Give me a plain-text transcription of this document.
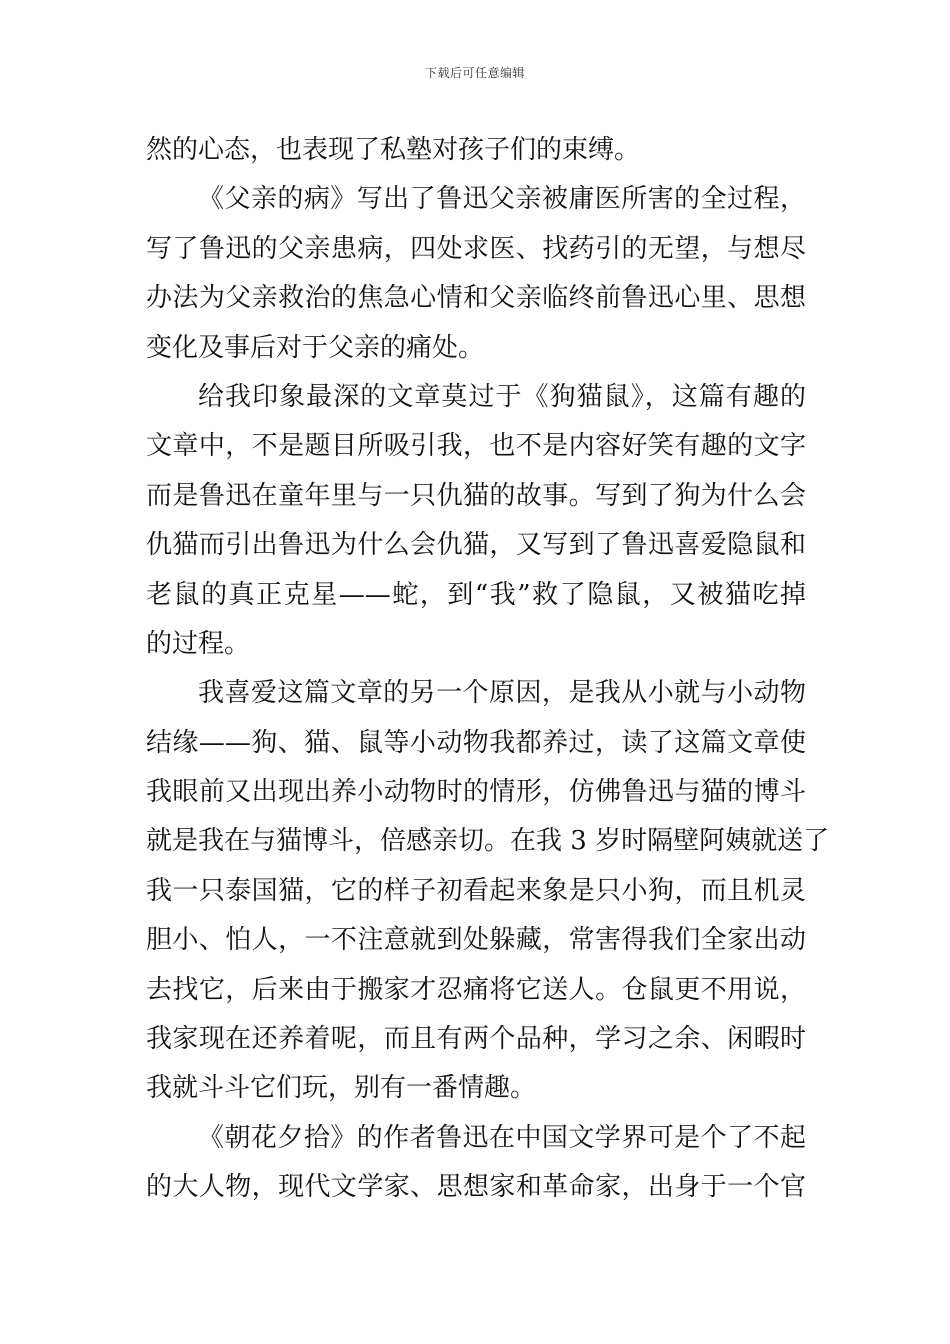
下载后可任意编辑
然的心态，也表现了私塾对孩子们的束缚。
《父亲的病》写出了鲁迅父亲被庸医所害的全过程，
写了鲁迅的父亲患病，四处求医、找药引的无望，与想尽
办法为父亲救治的焦急心情和父亲临终前鲁迅心里、思想
变化及事后对于父亲的痛处。
给我印象最深的文章莫过于《狗猫鼠》，这篇有趣的
文章中，不是题目所吸引我，也不是内容好笑有趣的文字
而是鲁迅在童年里与一只仇猫的故事。写到了狗为什么会
仇猫而引出鲁迅为什么会仇猫，又写到了鲁迅喜爱隐鼠和
老鼠的真正克星——蛇，到“我”救了隐鼠，又被猫吃掉
的过程。
我喜爱这篇文章的另一个原因，是我从小就与小动物
结缘——狗、猫、鼠等小动物我都养过，读了这篇文章使
我眼前又出现出养小动物时的情形，仿佛鲁迅与猫的博斗
就是我在与猫博斗，倍感亲切。在我 3 岁时隔壁阿姨就送了
我一只泰国猫，它的样子初看起来象是只小狗，而且机灵
胆小、怕人，一不注意就到处躲藏，常害得我们全家出动
去找它，后来由于搬家才忍痛将它送人。仓鼠更不用说，
我家现在还养着呢，而且有两个品种，学习之余、闲暇时
我就斗斗它们玩，别有一番情趣。
《朝花夕拾》的作者鲁迅在中国文学界可是个了不起
的大人物，现代文学家、思想家和革命家，出身于一个官
